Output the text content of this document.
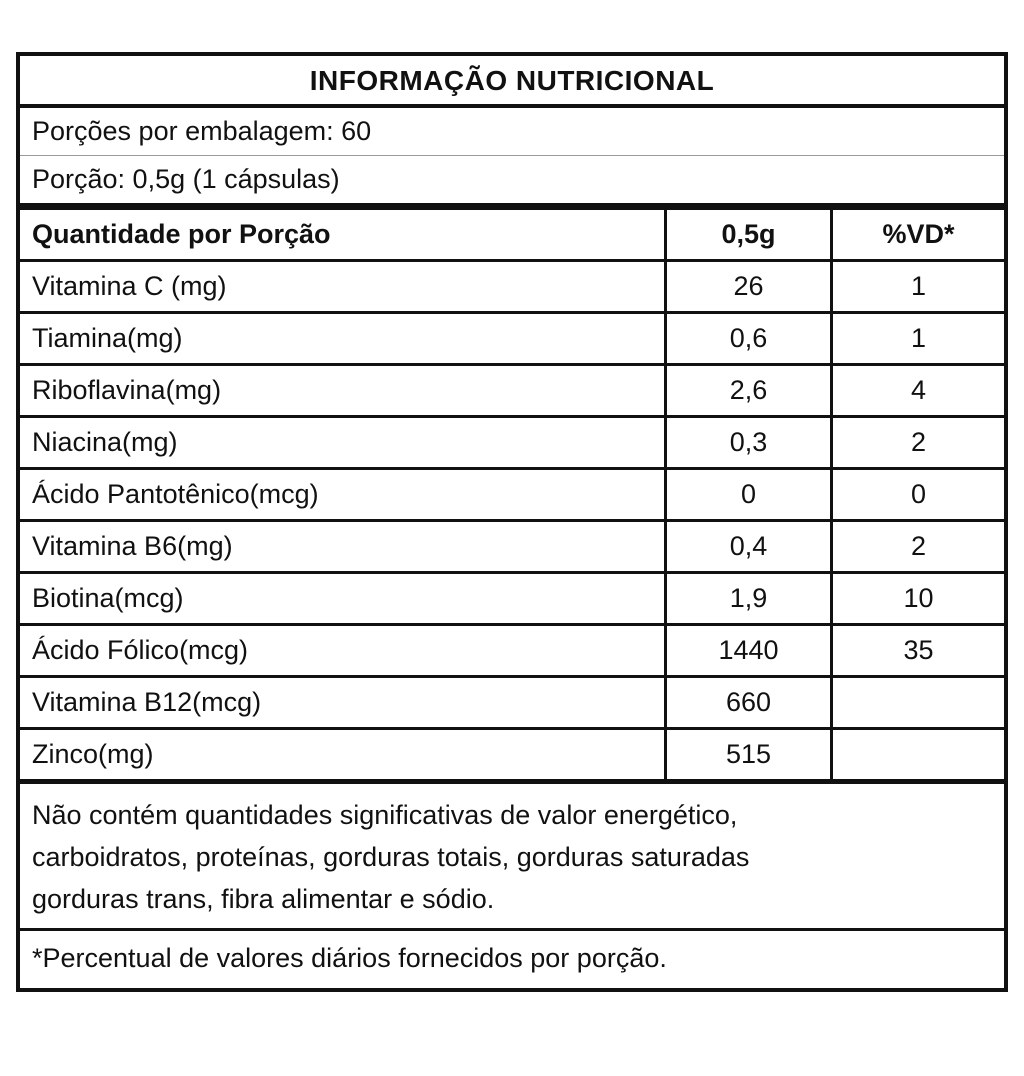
INFORMAÇÃO NUTRICIONAL
Porções por embalagem: 60
Porção: 0,5g (1 cápsulas)
Quantidade por Porção	0,5g	%VD*
Vitamina C (mg)	26	1
Tiamina(mg)	0,6	1
Riboflavina(mg)	2,6	4
Niacina(mg)	0,3	2
Ácido Pantotênico(mcg)	0	0
Vitamina B6(mg)	0,4	2
Biotina(mcg)	1,9	10
Ácido Fólico(mcg)	1440	35
Vitamina B12(mcg)	660
Zinco(mg)	515
Não contém quantidades significativas de valor energético,
carboidratos, proteínas, gorduras totais, gorduras saturadas
gorduras trans, fibra alimentar e sódio.
*Percentual de valores diários fornecidos por porção.
